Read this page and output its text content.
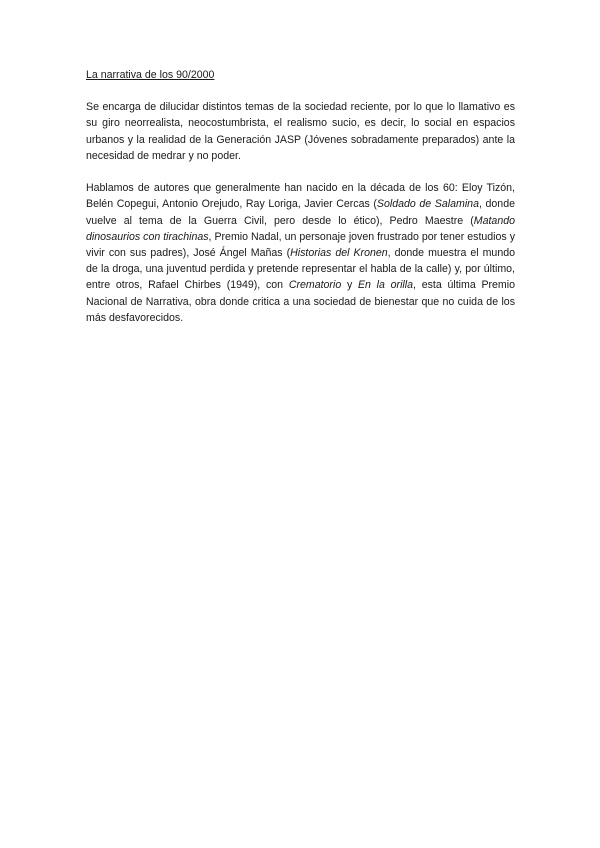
La narrativa de los 90/2000

Se encarga de dilucidar distintos temas de la sociedad reciente, por lo que lo llamativo es su giro neorrealista, neocostumbrista, el realismo sucio, es decir, lo social en espacios urbanos y la realidad de la Generación JASP (Jóvenes sobradamente preparados) ante la necesidad de medrar y no poder.

Hablamos de autores que generalmente han nacido en la década de los 60: Eloy Tizón, Belén Copegui, Antonio Orejudo, Ray Loriga, Javier Cercas (Soldado de Salamina, donde vuelve al tema de la Guerra Civil, pero desde lo ético), Pedro Maestre (Matando dinosaurios con tirachinas, Premio Nadal, un personaje joven frustrado por tener estudios y vivir con sus padres), José Ángel Mañas (Historias del Kronen, donde muestra el mundo de la droga, una juventud perdida y pretende representar el habla de la calle) y, por último, entre otros, Rafael Chirbes (1949), con Crematorio y En la orilla, esta última Premio Nacional de Narrativa, obra donde critica a una sociedad de bienestar que no cuida de los más desfavorecidos.
